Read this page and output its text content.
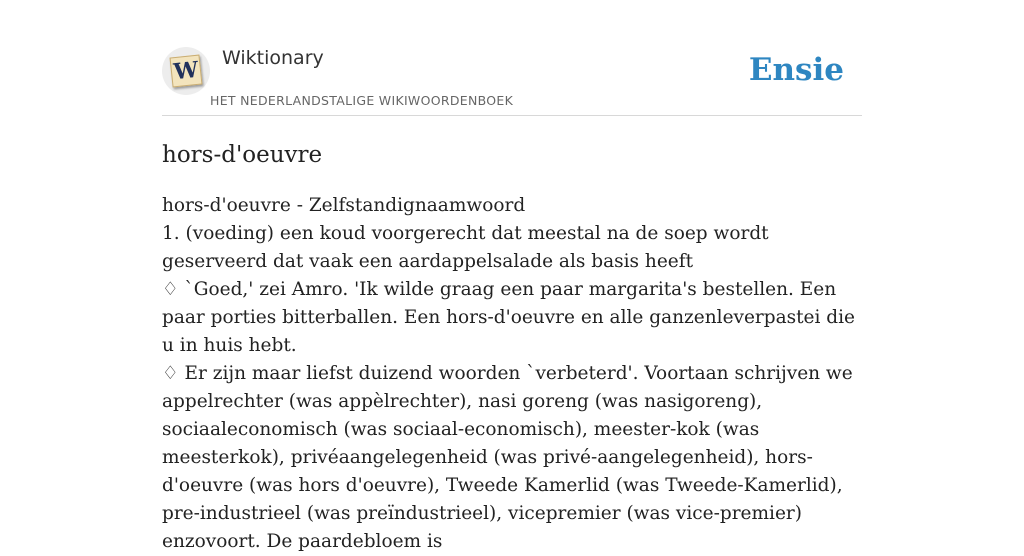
W Wiktionary
HET NEDERLANDSTALIGE WIKIWOORDENBOEK
Ensie
hors-d'oeuvre

hors-d'oeuvre - Zelfstandignaamwoord

1. (voeding) een koud voorgerecht dat meestal na de soep wordt geserveerd dat vaak een aardappelsalade als basis heeft

♢ `Goed,' zei Amro. 'Ik wilde graag een paar margarita's bestellen. Een paar porties bitterballen. Een hors-d'oeuvre en alle ganzenleverpastei die u in huis hebt.

♢ Er zijn maar liefst duizend woorden `verbeterd'. Voortaan schrijven we appelrechter (was appèlrechter), nasi goreng (was nasigoreng), sociaaleconomisch (was sociaal-economisch), meester-kok (was meesterkok), privéaangelegenheid (was privé-aangelegenheid), hors-d'oeuvre (was hors d'oeuvre), Tweede Kamerlid (was Tweede-Kamerlid), pre-industrieel (was preïndustrieel), vicepremier (was vice-premier) enzovoort. De paardebloem is
